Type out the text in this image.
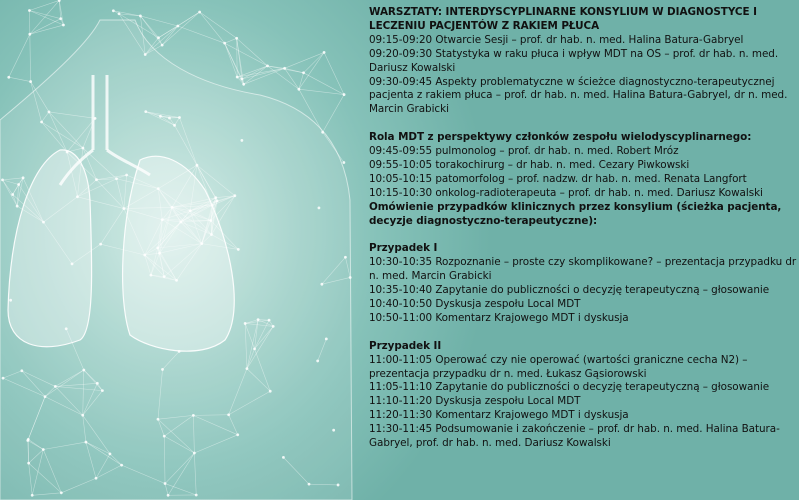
WARSZTATY: INTERDYSCYPLINARNE KONSYLIUM W DIAGNOSTYCE I LECZENIU PACJENTÓW Z RAKIEM PŁUCA
09:15-09:20 Otwarcie Sesji – prof. dr hab. n. med. Halina Batura-Gabryel
09:20-09:30 Statystyka w raku płuca i wpływ MDT na OS – prof. dr hab. n. med. Dariusz Kowalski
09:30-09:45 Aspekty problematyczne w ścieżce diagnostyczno-terapeutycznej pacjenta z rakiem płuca – prof. dr hab. n. med. Halina Batura-Gabryel, dr n. med. Marcin Grabicki
Rola MDT z perspektywy członków zespołu wielodyscyplinarnego:
09:45-09:55 pulmonolog – prof. dr hab. n. med. Robert Mróz
09:55-10:05 torakochirurg – dr hab. n. med. Cezary Piwkowski
10:05-10:15 patomorfolog – prof. nadzw. dr hab. n. med. Renata Langfort
10:15-10:30 onkolog-radioterapeuta – prof. dr hab. n. med. Dariusz Kowalski
Omówienie przypadków klinicznych przez konsylium (ścieżka pacjenta, decyzje diagnostyczno-terapeutyczne):
Przypadek I
10:30-10:35 Rozpoznanie – proste czy skomplikowane? – prezentacja przypadku dr n. med. Marcin Grabicki
10:35-10:40 Zapytanie do publiczności o decyzję terapeutyczną – głosowanie
10:40-10:50 Dyskusja zespołu Local MDT
10:50-11:00 Komentarz Krajowego MDT i dyskusja
Przypadek II
11:00-11:05 Operować czy nie operować (wartości graniczne cecha N2) – prezentacja przypadku dr n. med. Łukasz Gąsiorowski
11:05-11:10 Zapytanie do publiczności o decyzję terapeutyczną – głosowanie
11:10-11:20 Dyskusja zespołu Local MDT
11:20-11:30 Komentarz Krajowego MDT i dyskusja
11:30-11:45 Podsumowanie i zakończenie – prof. dr hab. n. med. Halina Batura-Gabryel, prof. dr hab. n. med. Dariusz Kowalski
